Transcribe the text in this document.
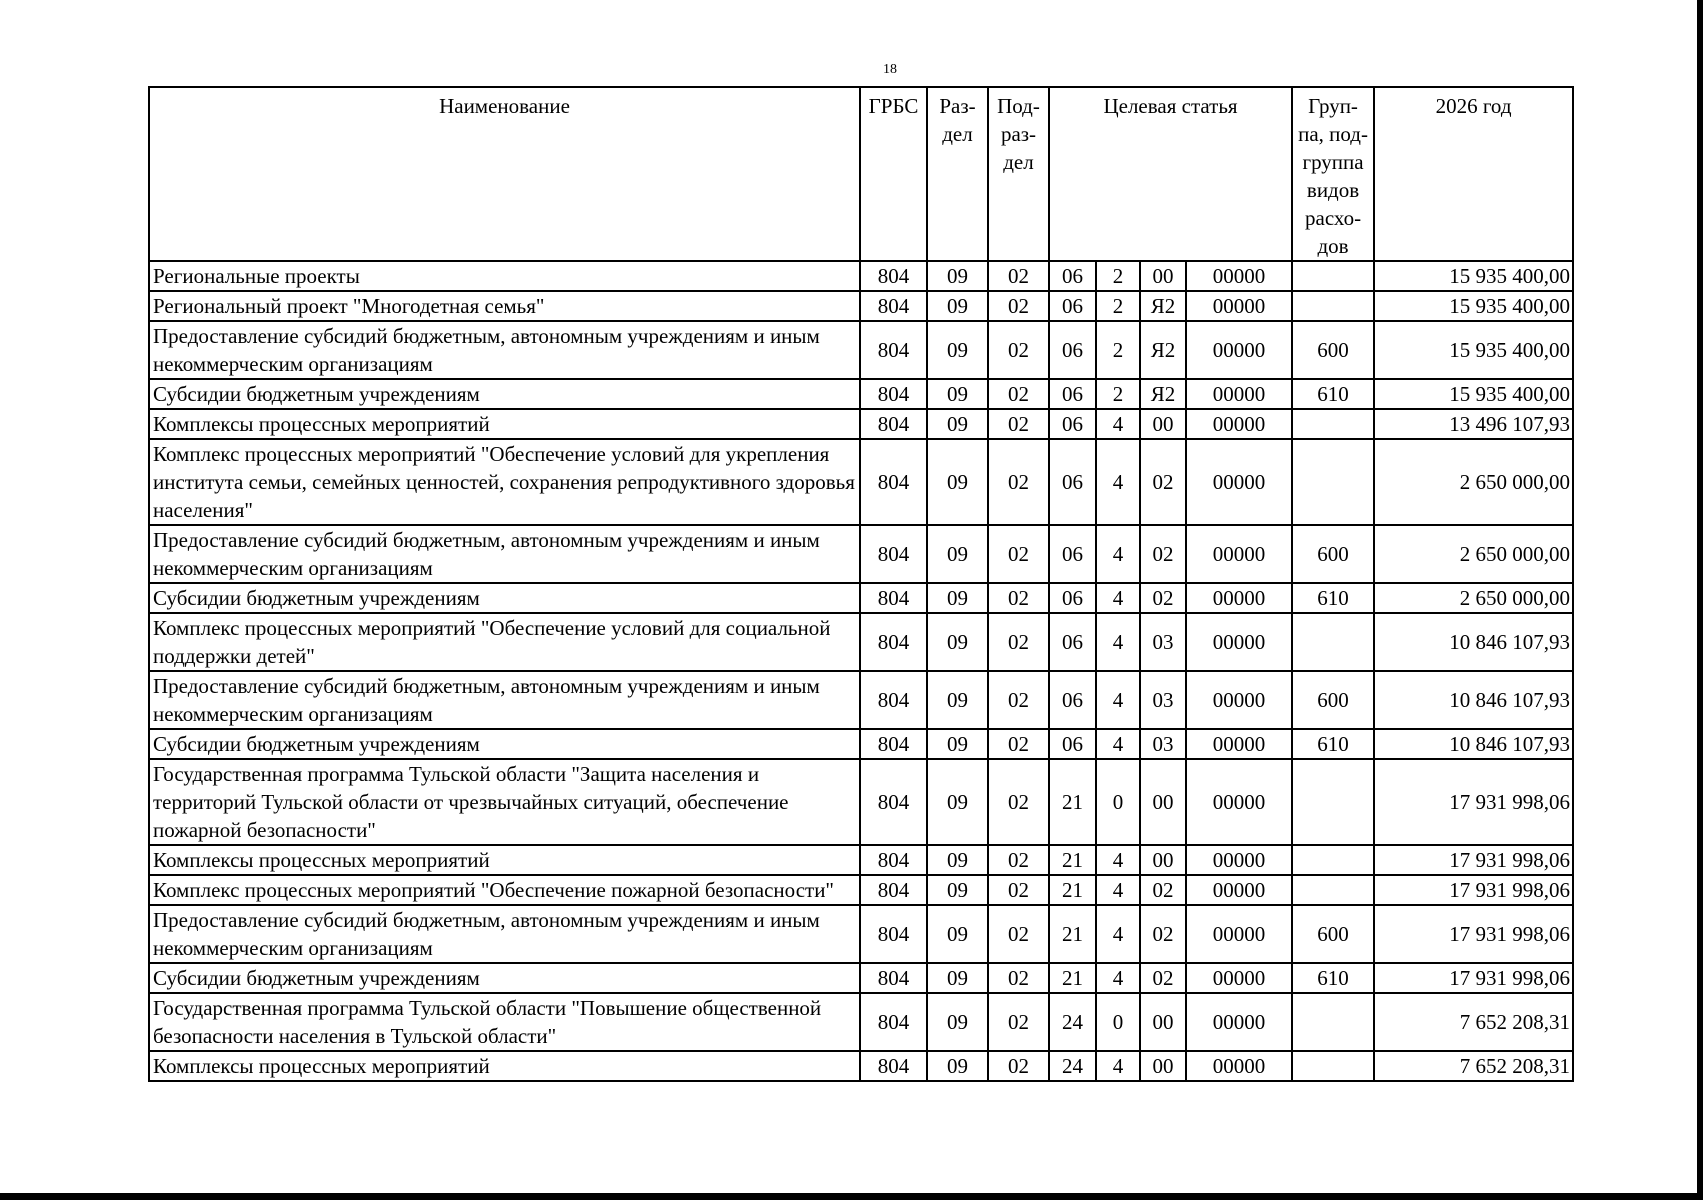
18
Наименование	ГРБС	Раз-дел	Под-раз-дел	Целевая статья				Груп-па, под-группа видов расхо-дов	2026 год
Региональные проекты	804	09	02	06	2	00	00000		15 935 400,00
Региональный проект "Многодетная семья"	804	09	02	06	2	Я2	00000		15 935 400,00
Предоставление субсидий бюджетным, автономным учреждениям и иным некоммерческим организациям	804	09	02	06	2	Я2	00000	600	15 935 400,00
Субсидии бюджетным учреждениям	804	09	02	06	2	Я2	00000	610	15 935 400,00
Комплексы процессных мероприятий	804	09	02	06	4	00	00000		13 496 107,93
Комплекс процессных мероприятий "Обеспечение условий для укрепления института семьи, семейных ценностей, сохранения репродуктивного здоровья населения"	804	09	02	06	4	02	00000		2 650 000,00
Предоставление субсидий бюджетным, автономным учреждениям и иным некоммерческим организациям	804	09	02	06	4	02	00000	600	2 650 000,00
Субсидии бюджетным учреждениям	804	09	02	06	4	02	00000	610	2 650 000,00
Комплекс процессных мероприятий "Обеспечение условий для социальной поддержки детей"	804	09	02	06	4	03	00000		10 846 107,93
Предоставление субсидий бюджетным, автономным учреждениям и иным некоммерческим организациям	804	09	02	06	4	03	00000	600	10 846 107,93
Субсидии бюджетным учреждениям	804	09	02	06	4	03	00000	610	10 846 107,93
Государственная программа Тульской области "Защита населения и территорий Тульской области от чрезвычайных ситуаций, обеспечение пожарной безопасности"	804	09	02	21	0	00	00000		17 931 998,06
Комплексы процессных мероприятий	804	09	02	21	4	00	00000		17 931 998,06
Комплекс процессных мероприятий "Обеспечение пожарной безопасности"	804	09	02	21	4	02	00000		17 931 998,06
Предоставление субсидий бюджетным, автономным учреждениям и иным некоммерческим организациям	804	09	02	21	4	02	00000	600	17 931 998,06
Субсидии бюджетным учреждениям	804	09	02	21	4	02	00000	610	17 931 998,06
Государственная программа Тульской области "Повышение общественной безопасности населения в Тульской области"	804	09	02	24	0	00	00000		7 652 208,31
Комплексы процессных мероприятий	804	09	02	24	4	00	00000		7 652 208,31
